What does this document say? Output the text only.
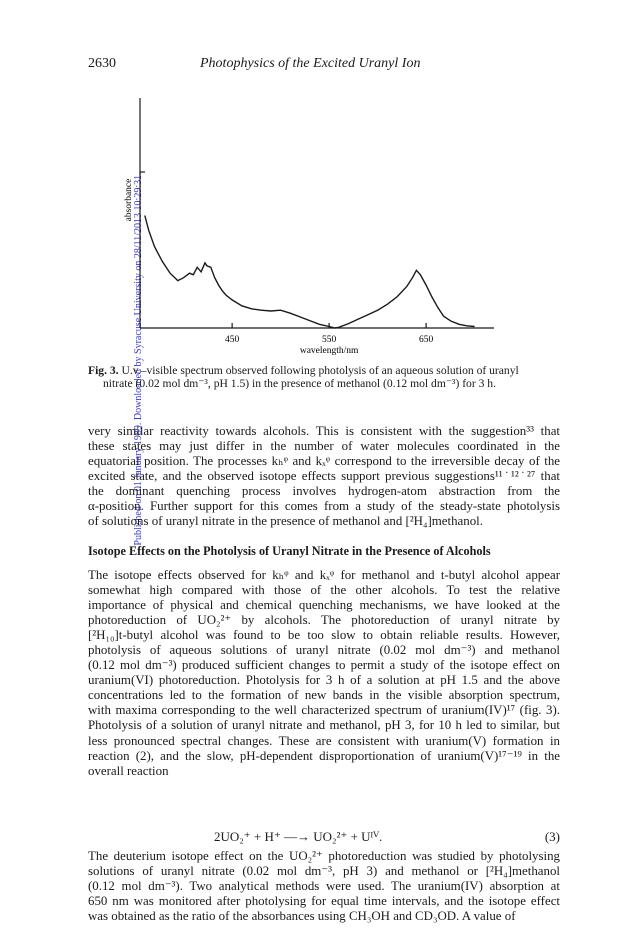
Published on 01 January 1989. Downloaded by Syracuse University on 28/11/2013 10:29:31.
2630	Photophysics of the Excited Uranyl Ion
450	550	650
wavelength/nm
absorbance
Fig. 3. U.v.–visible spectrum observed following photolysis of an aqueous solution of uranyl
nitrate (0.02 mol dm⁻³, pH 1.5) in the presence of methanol (0.12 mol dm⁻³) for 3 h.
very similar reactivity towards alcohols. This is consistent with the suggestion³³ that
these states may just differ in the number of water molecules coordinated in the
equatorial position. The processes kₕᵠ and kₓᵠ correspond to the irreversible decay of the
excited state, and the observed isotope effects support previous suggestions¹¹˙¹²˙²⁷ that
the dominant quenching process involves hydrogen-atom abstraction from the
α-position. Further support for this comes from a study of the steady-state photolysis
of solutions of uranyl nitrate in the presence of methanol and [²H₄]methanol.
Isotope Effects on the Photolysis of Uranyl Nitrate in the Presence of Alcohols
The isotope effects observed for kₕᵠ and kₓᵠ for methanol and t-butyl alcohol appear
somewhat high compared with those of the other alcohols. To test the relative
importance of physical and chemical quenching mechanisms, we have looked at the
photoreduction of UO₂²⁺ by alcohols. The photoreduction of uranyl nitrate by
[²H₁₀]t-butyl alcohol was found to be too slow to obtain reliable results. However,
photolysis of aqueous solutions of uranyl nitrate (0.02 mol dm⁻³) and methanol
(0.12 mol dm⁻³) produced sufficient changes to permit a study of the isotope effect on
uranium(VI) photoreduction. Photolysis for 3 h of a solution at pH 1.5 and the above
concentrations led to the formation of new bands in the visible absorption spectrum,
with maxima corresponding to the well characterized spectrum of uranium(IV)¹⁷ (fig. 3).
Photolysis of a solution of uranyl nitrate and methanol, pH 3, for 10 h led to similar, but
less pronounced spectral changes. These are consistent with uranium(V) formation in
reaction (2), and the slow, pH-dependent disproportionation of uranium(V)¹⁷⁻¹⁹ in the
overall reaction
2UO₂⁺ + H⁺ —→ UO₂²⁺ + Uᴵⱽ.	(3)
The deuterium isotope effect on the UO₂²⁺ photoreduction was studied by photolysing
solutions of uranyl nitrate (0.02 mol dm⁻³, pH 3) and methanol or [²H₄]methanol
(0.12 mol dm⁻³). Two analytical methods were used. The uranium(IV) absorption at
650 nm was monitored after photolysing for equal time intervals, and the isotope effect
was obtained as the ratio of the absorbances using CH₃OH and CD₃OD. A value of
